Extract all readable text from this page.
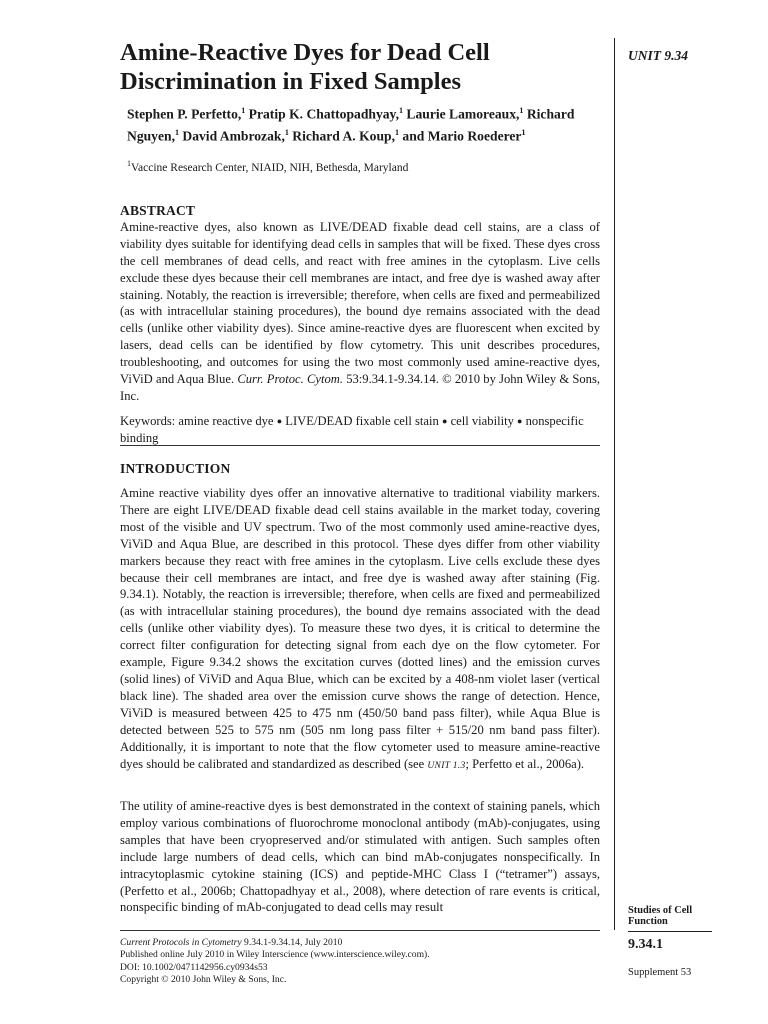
Amine-Reactive Dyes for Dead Cell Discrimination in Fixed Samples
Stephen P. Perfetto,$^1$ Pratip K. Chattopadhyay,$^1$ Laurie Lamoreaux,$^1$ Richard Nguyen,$^1$ David Ambrozak,$^1$ Richard A. Koup,$^1$ and Mario Roederer$^1$
$^1$Vaccine Research Center, NIAID, NIH, Bethesda, Maryland
ABSTRACT

Amine-reactive dyes, also known as LIVE/DEAD fixable dead cell stains, are a class of viability dyes suitable for identifying dead cells in samples that will be fixed. These dyes cross the cell membranes of dead cells, and react with free amines in the cytoplasm. Live cells exclude these dyes because their cell membranes are intact, and free dye is washed away after staining. Notably, the reaction is irreversible; therefore, when cells are fixed and permeabilized (as with intracellular staining procedures), the bound dye remains associated with the dead cells (unlike other viability dyes). Since amine-reactive dyes are fluorescent when excited by lasers, dead cells can be identified by flow cytometry. This unit describes procedures, troubleshooting, and outcomes for using the two most commonly used amine-reactive dyes, ViViD and Aqua Blue. Curr. Protoc. Cytom. 53:9.34.1-9.34.14. © 2010 by John Wiley & Sons, Inc.

Keywords: amine reactive dye ● LIVE/DEAD fixable cell stain ● cell viability ● nonspecific binding
INTRODUCTION

Amine reactive viability dyes offer an innovative alternative to traditional viability markers. There are eight LIVE/DEAD fixable dead cell stains available in the market today, covering most of the visible and UV spectrum. Two of the most commonly used amine-reactive dyes, ViViD and Aqua Blue, are described in this protocol. These dyes differ from other viability markers because they react with free amines in the cytoplasm. Live cells exclude these dyes because their cell membranes are intact, and free dye is washed away after staining (Fig. 9.34.1). Notably, the reaction is irreversible; therefore, when cells are fixed and permeabilized (as with intracellular staining procedures), the bound dye remains associated with the dead cells (unlike other viability dyes). To measure these two dyes, it is critical to determine the correct filter configuration for detecting signal from each dye on the flow cytometer. For example, Figure 9.34.2 shows the excitation curves (dotted lines) and the emission curves (solid lines) of ViViD and Aqua Blue, which can be excited by a 408-nm violet laser (vertical black line). The shaded area over the emission curve shows the range of detection. Hence, ViViD is measured between 425 to 475 nm (450/50 band pass filter), while Aqua Blue is detected between 525 to 575 nm (505 nm long pass filter + 515/20 nm band pass filter). Additionally, it is important to note that the flow cytometer used to measure amine-reactive dyes should be calibrated and standardized as described (see UNIT 1.3; Perfetto et al., 2006a).

The utility of amine-reactive dyes is best demonstrated in the context of staining panels, which employ various combinations of fluorochrome monoclonal antibody (mAb)-conjugates, using samples that have been cryopreserved and/or stimulated with antigen. Such samples often include large numbers of dead cells, which can bind mAb-conjugates nonspecifically. In intracytoplasmic cytokine staining (ICS) and peptide-MHC Class I (“tetramer”) assays, (Perfetto et al., 2006b; Chattopadhyay et al., 2008), where detection of rare events is critical, nonspecific binding of mAb-conjugated to dead cells may result

UNIT 9.34
Studies of Cell Function
9.34.1
Supplement 53
Current Protocols in Cytometry 9.34.1-9.34.14, July 2010
Published online July 2010 in Wiley Interscience (www.interscience.wiley.com).
DOI: 10.1002/0471142956.cy0934s53
Copyright © 2010 John Wiley & Sons, Inc.
